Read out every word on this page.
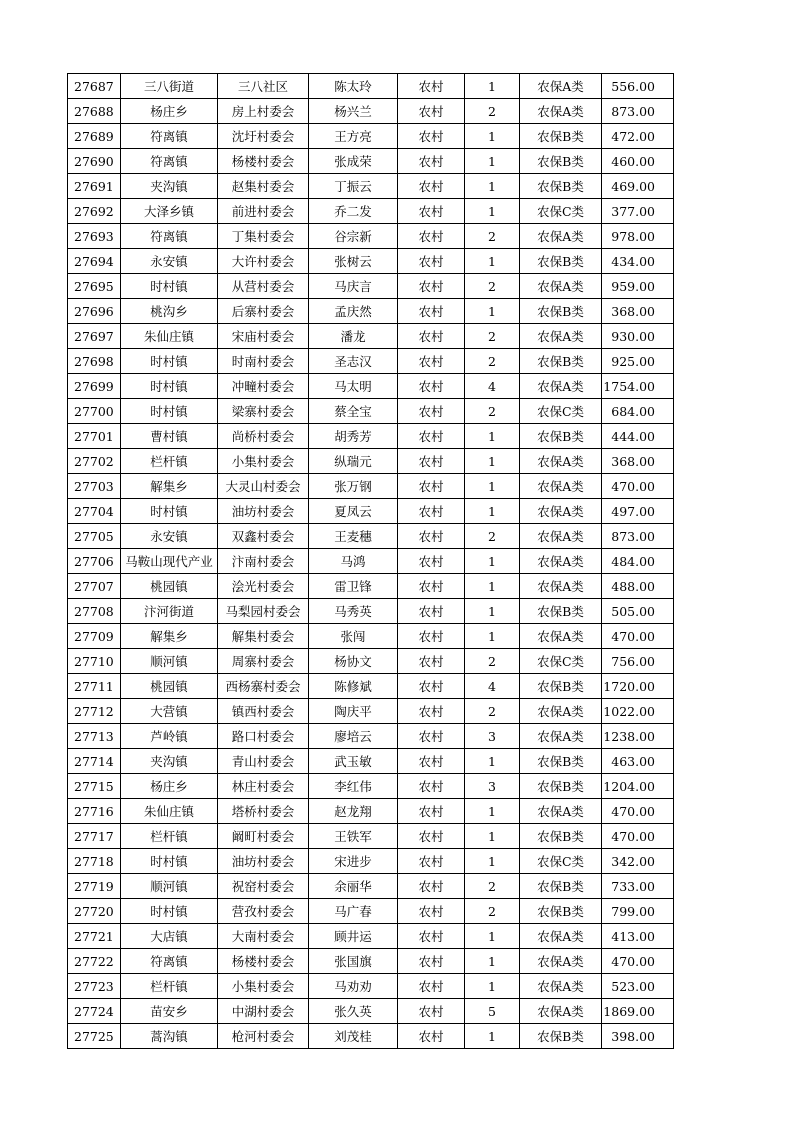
27687	三八街道	三八社区	陈太玲	农村	1	农保A类	556.00
27688	杨庄乡	房上村委会	杨兴兰	农村	2	农保A类	873.00
27689	符离镇	沈圩村委会	王方亮	农村	1	农保B类	472.00
27690	符离镇	杨楼村委会	张成荣	农村	1	农保B类	460.00
27691	夹沟镇	赵集村委会	丁振云	农村	1	农保B类	469.00
27692	大泽乡镇	前进村委会	乔二发	农村	1	农保C类	377.00
27693	符离镇	丁集村委会	谷宗新	农村	2	农保A类	978.00
27694	永安镇	大许村委会	张树云	农村	1	农保B类	434.00
27695	时村镇	从营村委会	马庆言	农村	2	农保A类	959.00
27696	桃沟乡	后寨村委会	孟庆然	农村	1	农保B类	368.00
27697	朱仙庄镇	宋庙村委会	潘龙	农村	2	农保A类	930.00
27698	时村镇	时南村委会	圣志汉	农村	2	农保B类	925.00
27699	时村镇	冲疃村委会	马太明	农村	4	农保A类	1754.00
27700	时村镇	梁寨村委会	蔡全宝	农村	2	农保C类	684.00
27701	曹村镇	尚桥村委会	胡秀芳	农村	1	农保B类	444.00
27702	栏杆镇	小集村委会	纵瑞元	农村	1	农保A类	368.00
27703	解集乡	大灵山村委会	张万钢	农村	1	农保A类	470.00
27704	时村镇	油坊村委会	夏凤云	农村	1	农保A类	497.00
27705	永安镇	双鑫村委会	王麦穗	农村	2	农保A类	873.00
27706	马鞍山现代产业	汴南村委会	马鸿	农村	1	农保A类	484.00
27707	桃园镇	浍光村委会	雷卫锋	农村	1	农保A类	488.00
27708	汴河街道	马梨园村委会	马秀英	农村	1	农保B类	505.00
27709	解集乡	解集村委会	张闯	农村	1	农保A类	470.00
27710	顺河镇	周寨村委会	杨协文	农村	2	农保C类	756.00
27711	桃园镇	西杨寨村委会	陈修斌	农村	4	农保B类	1720.00
27712	大营镇	镇西村委会	陶庆平	农村	2	农保A类	1022.00
27713	芦岭镇	路口村委会	廖培云	农村	3	农保A类	1238.00
27714	夹沟镇	青山村委会	武玉敏	农村	1	农保B类	463.00
27715	杨庄乡	林庄村委会	李红伟	农村	3	农保B类	1204.00
27716	朱仙庄镇	塔桥村委会	赵龙翔	农村	1	农保A类	470.00
27717	栏杆镇	阚町村委会	王铁军	农村	1	农保B类	470.00
27718	时村镇	油坊村委会	宋进步	农村	1	农保C类	342.00
27719	顺河镇	祝窑村委会	余丽华	农村	2	农保B类	733.00
27720	时村镇	营孜村委会	马广春	农村	2	农保B类	799.00
27721	大店镇	大南村委会	顾井运	农村	1	农保A类	413.00
27722	符离镇	杨楼村委会	张国旗	农村	1	农保A类	470.00
27723	栏杆镇	小集村委会	马劝劝	农村	1	农保A类	523.00
27724	苗安乡	中湖村委会	张久英	农村	5	农保A类	1869.00
27725	蒿沟镇	枪河村委会	刘茂桂	农村	1	农保B类	398.00
